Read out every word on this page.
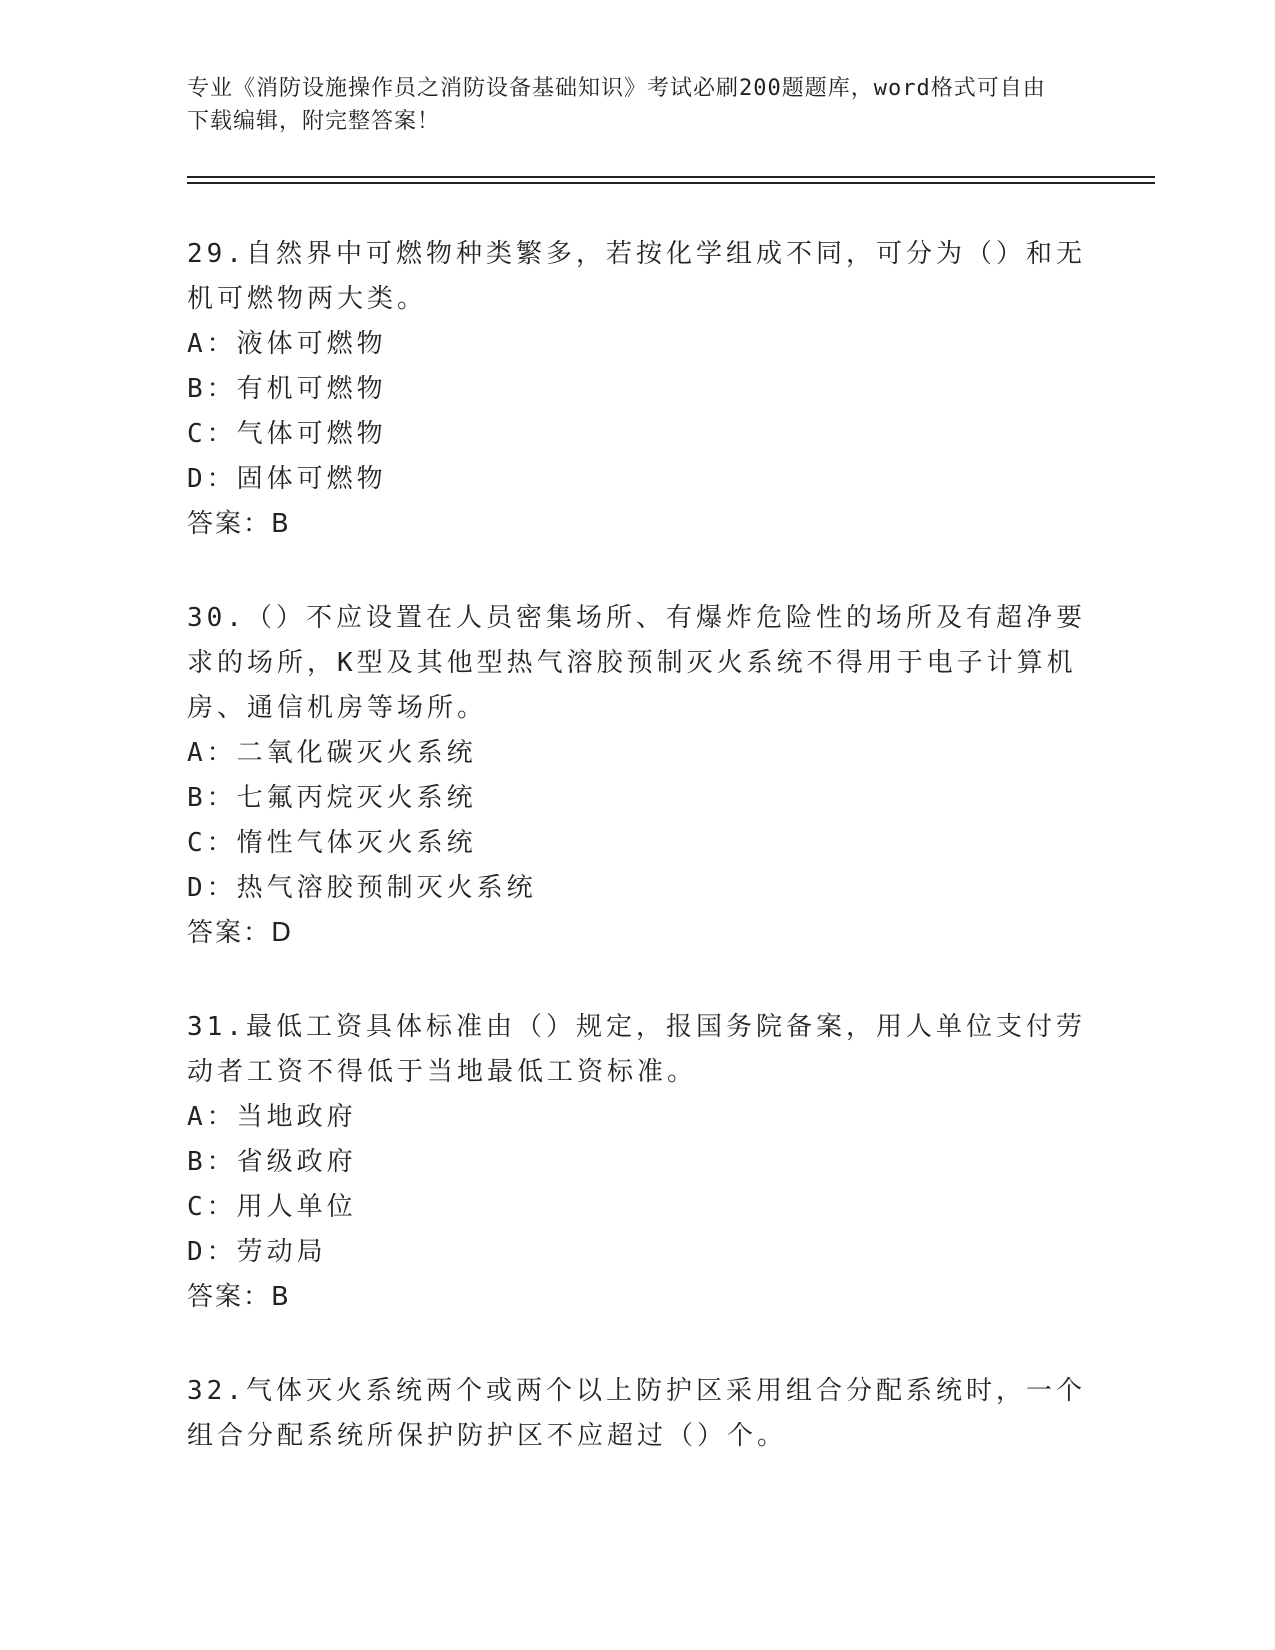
专业《消防设施操作员之消防设备基础知识》考试必刷200题题库，word格式可自由下载编辑，附完整答案！

29.自然界中可燃物种类繁多，若按化学组成不同，可分为（）和无机可燃物两大类。

A：液体可燃物

B：有机可燃物

C：气体可燃物

D：固体可燃物

答案：B

30.（）不应设置在人员密集场所、有爆炸危险性的场所及有超净要求的场所，K型及其他型热气溶胶预制灭火系统不得用于电子计算机房、通信机房等场所。

A：二氧化碳灭火系统

B：七氟丙烷灭火系统

C：惰性气体灭火系统

D：热气溶胶预制灭火系统

答案：D

31.最低工资具体标准由（）规定，报国务院备案，用人单位支付劳动者工资不得低于当地最低工资标准。

A：当地政府

B：省级政府

C：用人单位

D：劳动局

答案：B

32.气体灭火系统两个或两个以上防护区采用组合分配系统时，一个组合分配系统所保护防护区不应超过（）个。
